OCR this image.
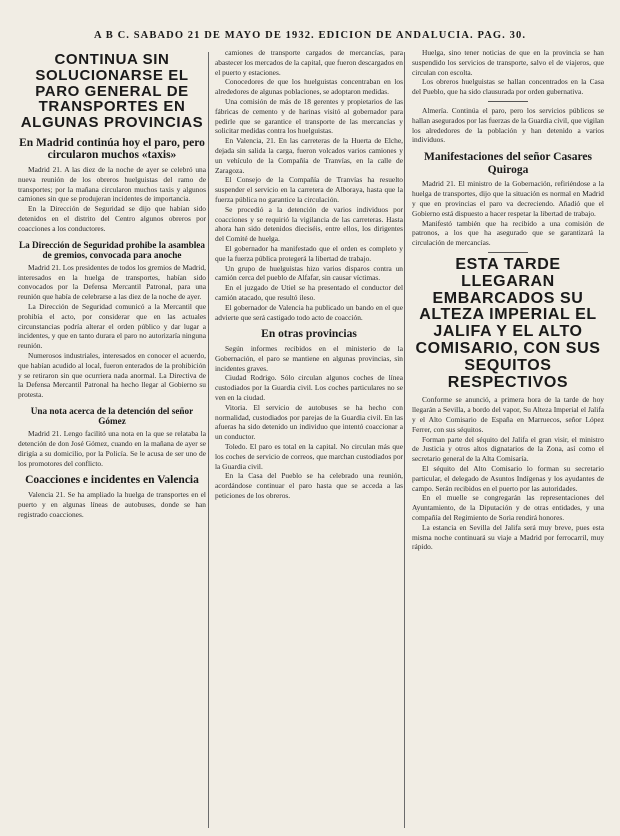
A B C. SABADO 21 DE MAYO DE 1932. EDICION DE ANDALUCIA. PAG. 30.
CONTINUA SIN SOLUCIONARSE EL PARO GENERAL DE TRANSPORTES EN ALGUNAS PROVINCIAS
En Madrid continúa hoy el paro, pero circularon muchos «taxis»

Madrid 21. A las diez de la noche de ayer se celebró una nueva reunión de los obreros huelguistas del ramo de transportes; por la mañana circularon muchos taxis y algunos camiones sin que se produjeran incidentes de importancia.

En la Dirección de Seguridad se dijo que habían sido detenidos en el distrito del Centro algunos obreros por coacciones a los conductores.

La Dirección de Seguridad prohibe la asamblea de gremios, convocada para anoche

Madrid 21. Los presidentes de todos los gremios de Madrid, interesados en la huelga de transportes, habían sido convocados por la Defensa Mercantil Patronal, para una reunión que había de celebrarse a las diez de la noche de ayer.

La Dirección de Seguridad comunicó a la Mercantil que prohibía el acto, por considerar que en las actuales circunstancias podría alterar el orden público y dar lugar a incidentes, y que en tanto durara el paro no autorizaría ninguna reunión.

Numerosos industriales, interesados en conocer el acuerdo, que habían acudido al local, fueron enterados de la prohibición y se retiraron sin que ocurriera nada anormal. La Directiva de la Defensa Mercantil Patronal ha hecho llegar al Gobierno su protesta.

Una nota acerca de la detención del señor Gómez

Madrid 21. Lengo facilitó una nota en la que se relataba la detención de don José Gómez, cuando en la mañana de ayer se dirigía a su domicilio, por la Policía. Se le acusa de ser uno de los promotores del conflicto.

Coacciones e incidentes en Valencia

Valencia 21. Se ha ampliado la huelga de transportes en el puerto y en algunas líneas de autobuses, donde se han registrado coacciones.

camiones de transporte cargados de mercancías, para abastecer los mercados de la capital, que fueron descargados en el puerto y estaciones.

Conocedores de que los huelguistas concentraban en los alrededores de algunas poblaciones, se adoptaron medidas.

Una comisión de más de 18 gerentes y propietarios de las fábricas de cemento y de harinas visitó al gobernador para pedirle que se garantice el transporte de las mercancías y solicitar medidas contra los huelguistas.

En Valencia, 21. En las carreteras de la Huerta de Elche, dejada sin salida la carga, fueron volcados varios camiones y un vehículo de la Compañía de Tranvías, en la calle de Zaragoza.

El Consejo de la Compañía de Tranvías ha resuelto suspender el servicio en la carretera de Alboraya, hasta que la fuerza pública no garantice la circulación.

Se procedió a la detención de varios individuos por coacciones y se requirió la vigilancia de las carreteras. Hasta ahora han sido detenidos dieciséis, entre ellos, los dirigentes del Comité de huelga.

El gobernador ha manifestado que el orden es completo y que la fuerza pública protegerá la libertad de trabajo.

Un grupo de huelguistas hizo varios disparos contra un camión cerca del pueblo de Alfafar, sin causar víctimas.

En el juzgado de Utiel se ha presentado el conductor del camión atacado, que resultó ileso.

El gobernador de Valencia ha publicado un bando en el que advierte que será castigado todo acto de coacción.

En otras provincias

Según informes recibidos en el ministerio de la Gobernación, el paro se mantiene en algunas provincias, sin incidentes graves.

Ciudad Rodrigo. Sólo circulan algunos coches de línea custodiados por la Guardia civil. Los coches particulares no se ven en la ciudad.

Vitoria. El servicio de autobuses se ha hecho con normalidad, custodiados por parejas de la Guardia civil. En las afueras ha sido detenido un individuo que intentó coaccionar a un conductor.

Toledo. El paro es total en la capital. No circulan más que los coches de servicio de correos, que marchan custodiados por la Guardia civil.

En la Casa del Pueblo se ha celebrado una reunión, acordándose continuar el paro hasta que se acceda a las peticiones de los obreros.

Huelga, sino tener noticias de que en la provincia se han suspendido los servicios de transporte, salvo el de viajeros, que circulan con escolta.

Los obreros huelguistas se hallan concentrados en la Casa del Pueblo, que ha sido clausurada por orden gubernativa.

Almería. Continúa el paro, pero los servicios públicos se hallan asegurados por las fuerzas de la Guardia civil, que vigilan los alrededores de la población y han detenido a varios individuos.

Manifestaciones del señor Casares Quiroga

Madrid 21. El ministro de la Gobernación, refiriéndose a la huelga de transportes, dijo que la situación es normal en Madrid y que en provincias el paro va decreciendo. Añadió que el Gobierno está dispuesto a hacer respetar la libertad de trabajo.

Manifestó también que ha recibido a una comisión de patronos, a los que ha asegurado que se garantizará la circulación de mercancías.

ESTA TARDE LLEGARAN EMBARCADOS SU ALTEZA IMPERIAL EL JALIFA Y EL ALTO COMISARIO, CON SUS SEQUITOS RESPECTIVOS

Conforme se anunció, a primera hora de la tarde de hoy llegarán a Sevilla, a bordo del vapor, Su Alteza Imperial el Jalifa y el Alto Comisario de España en Marruecos, señor López Ferrer, con sus séquitos.

Forman parte del séquito del Jalifa el gran visir, el ministro de Justicia y otros altos dignatarios de la Zona, así como el secretario general de la Alta Comisaría.

El séquito del Alto Comisario lo forman su secretario particular, el delegado de Asuntos Indígenas y los ayudantes de campo. Serán recibidos en el puerto por las autoridades.

En el muelle se congregarán las representaciones del Ayuntamiento, de la Diputación y de otras entidades, y una compañía del Regimiento de Soria rendirá honores.

La estancia en Sevilla del Jalifa será muy breve, pues esta misma noche continuará su viaje a Madrid por ferrocarril, muy rápido.
